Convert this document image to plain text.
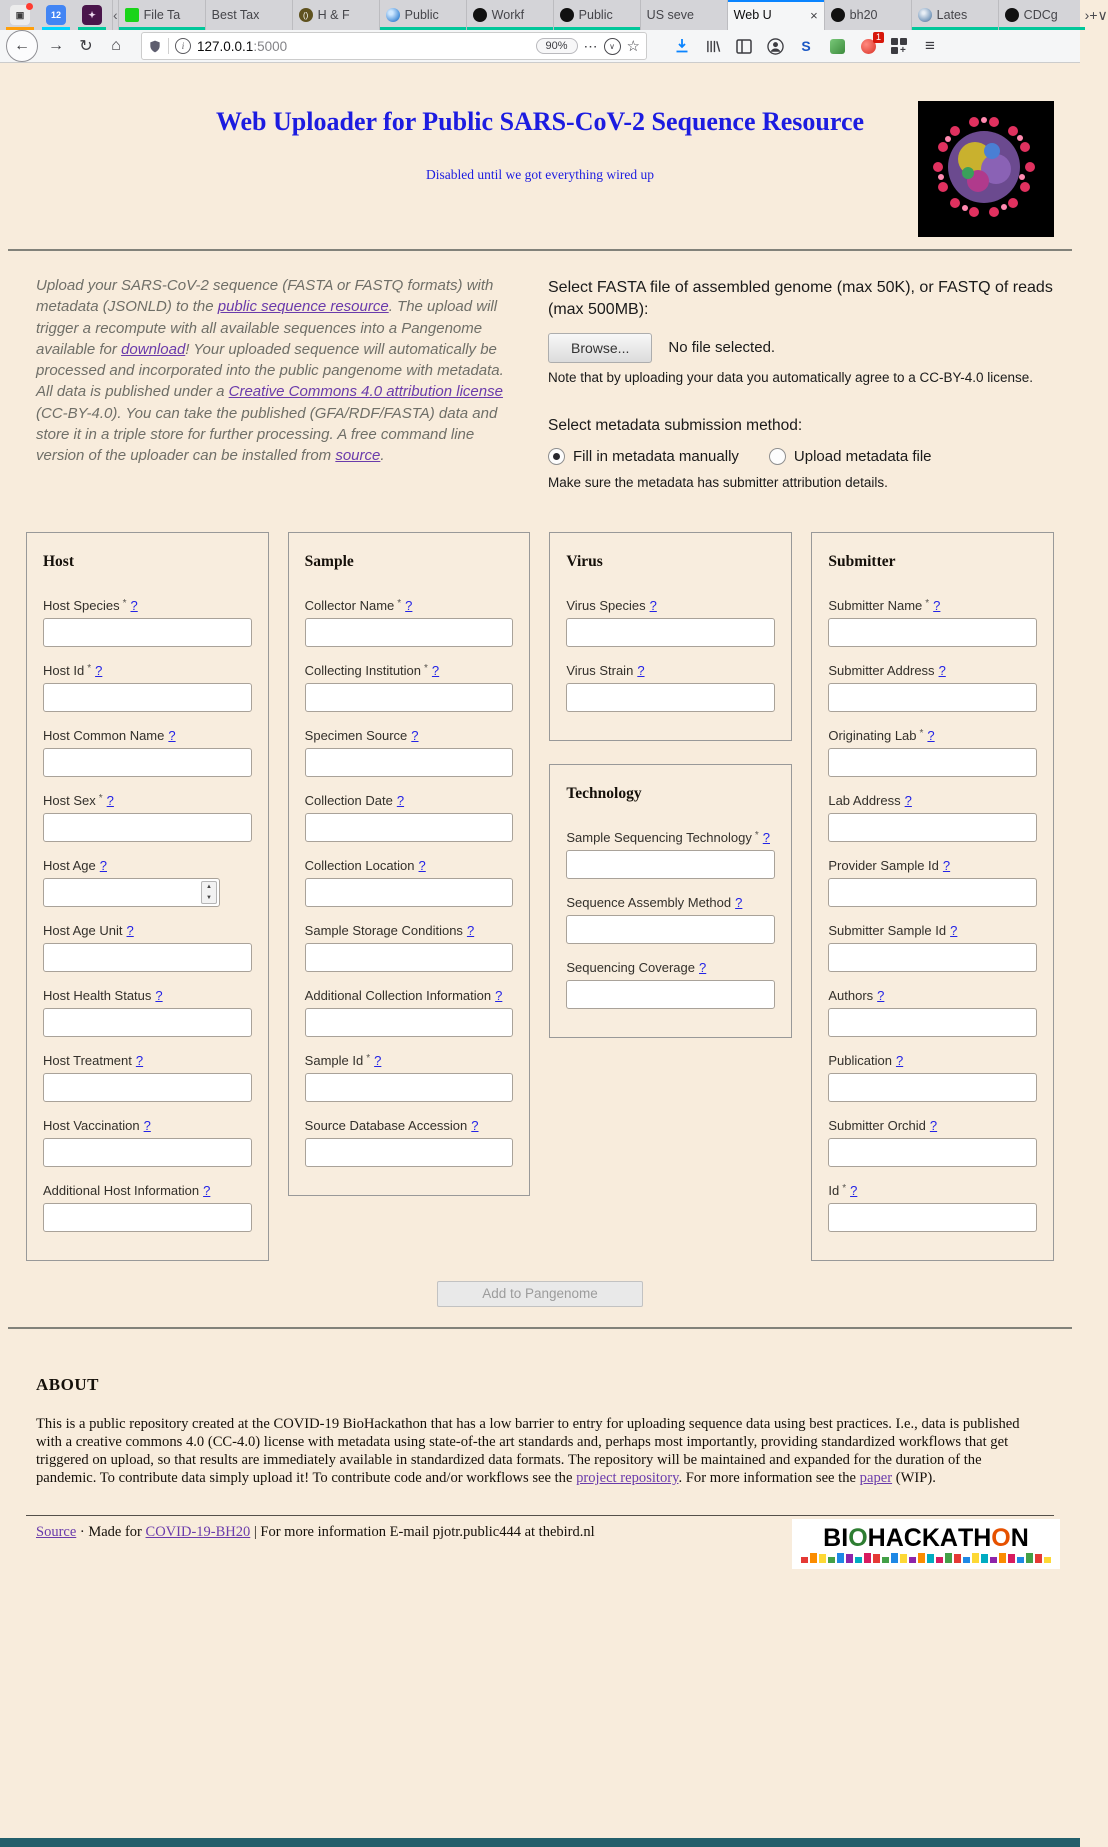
▣	12	✦	‹ File Ta	Best Tax	() H & F	Public	Workf	Public	US seve	Web U	×	bh20	Lates	CDCg	› + ∨
←	→ ↻	⌂	i 127.0.0.1:5000	90%	⋯	∨ ☆	S
1
+ ≡
Web Uploader for Public SARS-CoV-2 Sequence Resource
Disabled until we got everything wired up
Upload your SARS-CoV-2 sequence (FASTA or FASTQ formats) with metadata (JSONLD) to the public sequence resource. The upload will trigger a recompute with all available sequences into a Pangenome available for download! Your uploaded sequence will automatically be processed and incorporated into the public pangenome with metadata. All data is published under a Creative Commons 4.0 attribution license (CC-BY-4.0). You can take the published (GFA/RDF/FASTA) data and store it in a triple store for further processing. A free command line version of the uploader can be installed from source.
Select FASTA file of assembled genome (max 50K), or FASTQ of reads (max 500MB):
Browse...	No file selected.
Note that by uploading your data you automatically agree to a CC-BY-4.0 license.
Select metadata submission method:
Fill in metadata manually	Upload metadata file
Make sure the metadata has submitter attribution details.
Host
Host Species * ?
Host Id * ?
Host Common Name ?
Host Sex * ?
Host Age ?
▲
▼
Host Age Unit ?
Host Health Status ?
Host Treatment ?
Host Vaccination ?
Additional Host Information ?
Sample
Collector Name * ?
Collecting Institution * ?
Specimen Source ?
Collection Date ?
Collection Location ?
Sample Storage Conditions ?
Additional Collection Information ?
Sample Id * ?
Source Database Accession ?
Virus
Virus Species ?
Virus Strain ?
Technology
Sample Sequencing Technology * ?
Sequence Assembly Method ?
Sequencing Coverage ?
Submitter
Submitter Name * ?
Submitter Address ?
Originating Lab * ?
Lab Address ?
Provider Sample Id ?
Submitter Sample Id ?
Authors ?
Publication ?
Submitter Orchid ?
Id * ?
Add to Pangenome
ABOUT

This is a public repository created at the COVID-19 BioHackathon that has a low barrier to entry for uploading sequence data using best practices. I.e., data is published with a creative commons 4.0 (CC-4.0) license with metadata using state-of-the art standards and, perhaps most importantly, providing standardized workflows that get triggered on upload, so that results are immediately available in standardized data formats. The repository will be maintained and expanded for the duration of the pandemic. To contribute data simply upload it! To contribute code and/or workflows see the project repository. For more information see the paper (WIP).

Source · Made for COVID-19-BH20 | For more information E-mail pjotr.public444 at thebird.nl	B I O H A C K A T H O N
